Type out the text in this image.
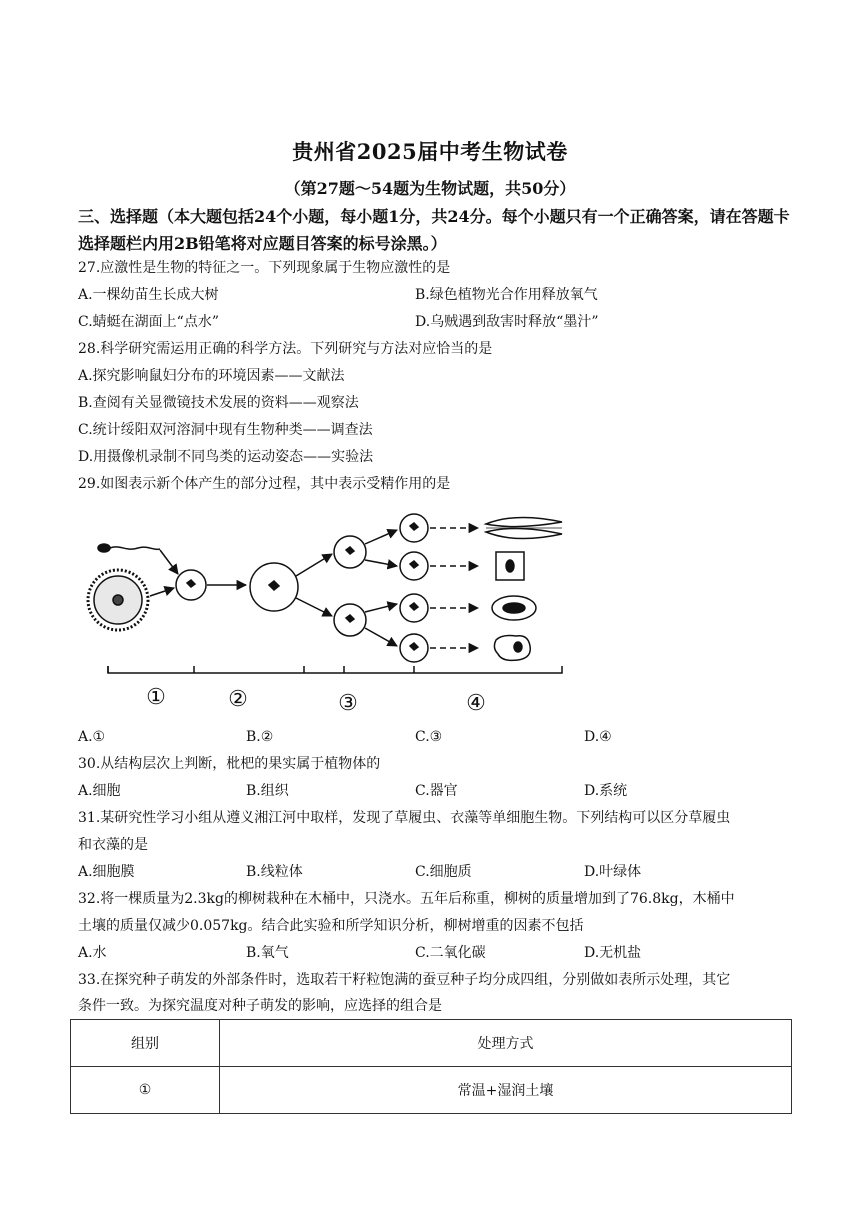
贵州省2025届中考生物试卷
（第27题～54题为生物试题，共50分）
三、选择题（本大题包括24个小题，每小题1分，共24分。每个小题只有一个正确答案，请在答题卡选择题栏内用2B铅笔将对应题目答案的标号涂黑。）
27.应激性是生物的特征之一。下列现象属于生物应激性的是
A.一棵幼苗生长成大树	B.绿色植物光合作用释放氧气
C.蜻蜓在湖面上“点水”	D.乌贼遇到敌害时释放“墨汁”
28.科学研究需运用正确的科学方法。下列研究与方法对应恰当的是
A.探究影响鼠妇分布的环境因素——文献法
B.查阅有关显微镜技术发展的资料——观察法
C.统计绥阳双河溶洞中现有生物种类——调查法
D.用摄像机录制不同鸟类的运动姿态——实验法
29.如图表示新个体产生的部分过程，其中表示受精作用的是
①	②	③	④
A.①	B.②	C.③	D.④
30.从结构层次上判断，枇杷的果实属于植物体的
A.细胞	B.组织	C.器官	D.系统
31.某研究性学习小组从遵义湘江河中取样，发现了草履虫、衣藻等单细胞生物。下列结构可以区分草履虫
和衣藻的是
A.细胞膜	B.线粒体	C.细胞质	D.叶绿体
32.将一棵质量为2.3kg的柳树栽种在木桶中，只浇水。五年后称重，柳树的质量增加到了76.8kg，木桶中
土壤的质量仅减少0.057kg。结合此实验和所学知识分析，柳树增重的因素不包括
A.水	B.氧气	C.二氧化碳	D.无机盐
33.在探究种子萌发的外部条件时，选取若干籽粒饱满的蚕豆种子均分成四组，分别做如表所示处理，其它
条件一致。为探究温度对种子萌发的影响，应选择的组合是
组别	处理方式
①	常温+湿润土壤
